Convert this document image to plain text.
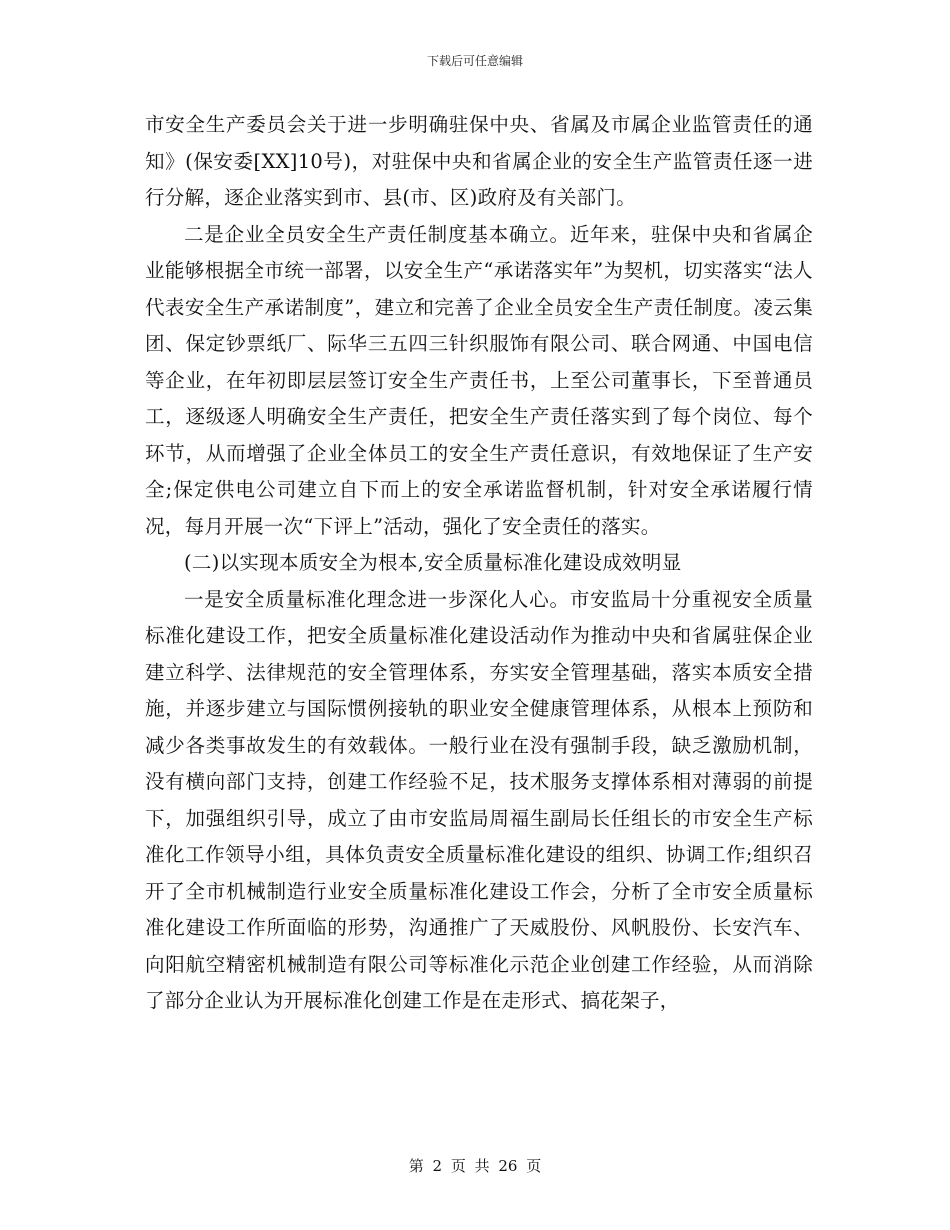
下载后可任意编辑

市安全生产委员会关于进一步明确驻保中央、省属及市属企业监管责任的通知》(保安委[XX]10号)，对驻保中央和省属企业的安全生产监管责任逐一进行分解，逐企业落实到市、县(市、区)政府及有关部门。

二是企业全员安全生产责任制度基本确立。近年来，驻保中央和省属企业能够根据全市统一部署，以安全生产“承诺落实年”为契机，切实落实“法人代表安全生产承诺制度”，建立和完善了企业全员安全生产责任制度。凌云集团、保定钞票纸厂、际华三五四三针织服饰有限公司、联合网通、中国电信等企业，在年初即层层签订安全生产责任书，上至公司董事长，下至普通员工，逐级逐人明确安全生产责任，把安全生产责任落实到了每个岗位、每个环节，从而增强了企业全体员工的安全生产责任意识，有效地保证了生产安全;保定供电公司建立自下而上的安全承诺监督机制，针对安全承诺履行情况，每月开展一次“下评上”活动，强化了安全责任的落实。

(二)以实现本质安全为根本,安全质量标准化建设成效明显

一是安全质量标准化理念进一步深化人心。市安监局十分重视安全质量标准化建设工作，把安全质量标准化建设活动作为推动中央和省属驻保企业建立科学、法律规范的安全管理体系，夯实安全管理基础，落实本质安全措施，并逐步建立与国际惯例接轨的职业安全健康管理体系，从根本上预防和减少各类事故发生的有效载体。一般行业在没有强制手段，缺乏激励机制，没有横向部门支持，创建工作经验不足，技术服务支撑体系相对薄弱的前提下，加强组织引导，成立了由市安监局周福生副局长任组长的市安全生产标准化工作领导小组，具体负责安全质量标准化建设的组织、协调工作;组织召开了全市机械制造行业安全质量标准化建设工作会，分析了全市安全质量标准化建设工作所面临的形势，沟通推广了天威股份、风帆股份、长安汽车、向阳航空精密机械制造有限公司等标准化示范企业创建工作经验，从而消除了部分企业认为开展标准化创建工作是在走形式、搞花架子，

第 2 页 共 26 页
